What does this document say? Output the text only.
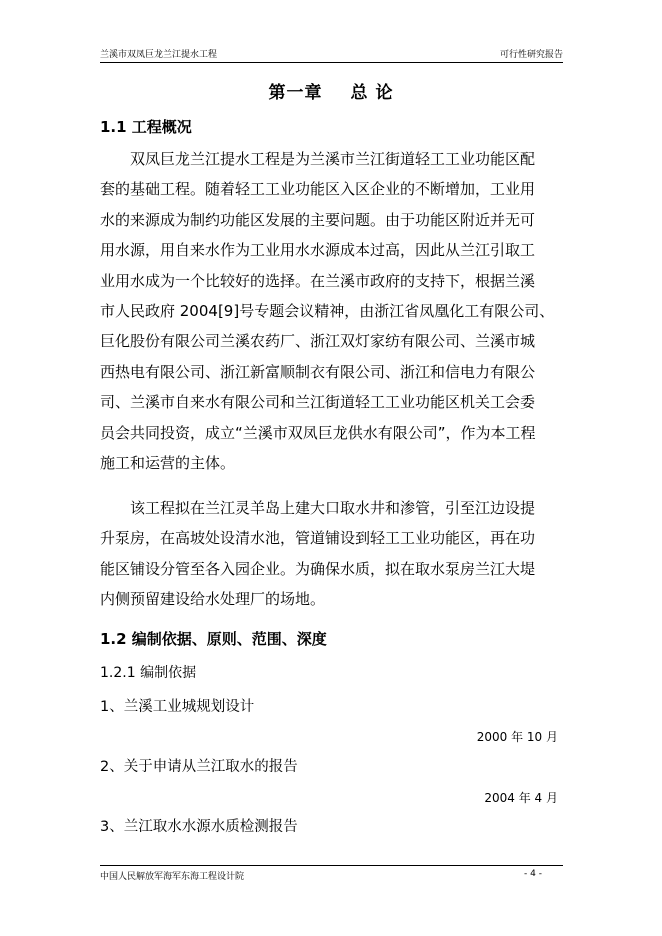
兰溪市双凤巨龙兰江提水工程	可行性研究报告
第一章 总 论
1.1 工程概况
双凤巨龙兰江提水工程是为兰溪市兰江街道轻工工业功能区配
套的基础工程。随着轻工工业功能区入区企业的不断增加，工业用
水的来源成为制约功能区发展的主要问题。由于功能区附近并无可
用水源，用自来水作为工业用水水源成本过高，因此从兰江引取工
业用水成为一个比较好的选择。在兰溪市政府的支持下，根据兰溪
市人民政府 2004[9]号专题会议精神，由浙江省凤凰化工有限公司、
巨化股份有限公司兰溪农药厂、浙江双灯家纺有限公司、兰溪市城
西热电有限公司、浙江新富顺制衣有限公司、浙江和信电力有限公
司、兰溪市自来水有限公司和兰江街道轻工工业功能区机关工会委
员会共同投资，成立“兰溪市双凤巨龙供水有限公司”，作为本工程
施工和运营的主体。
该工程拟在兰江灵羊岛上建大口取水井和渗管，引至江边设提
升泵房，在高坡处设清水池，管道铺设到轻工工业功能区，再在功
能区铺设分管至各入园企业。为确保水质，拟在取水泵房兰江大堤
内侧预留建设给水处理厂的场地。
1.2 编制依据、原则、范围、深度
1.2.1 编制依据
1、兰溪工业城规划设计
2000 年 10 月
2、关于申请从兰江取水的报告
2004 年 4 月
3、兰江取水水源水质检测报告
中国人民解放军海军东海工程设计院	- 4 -
